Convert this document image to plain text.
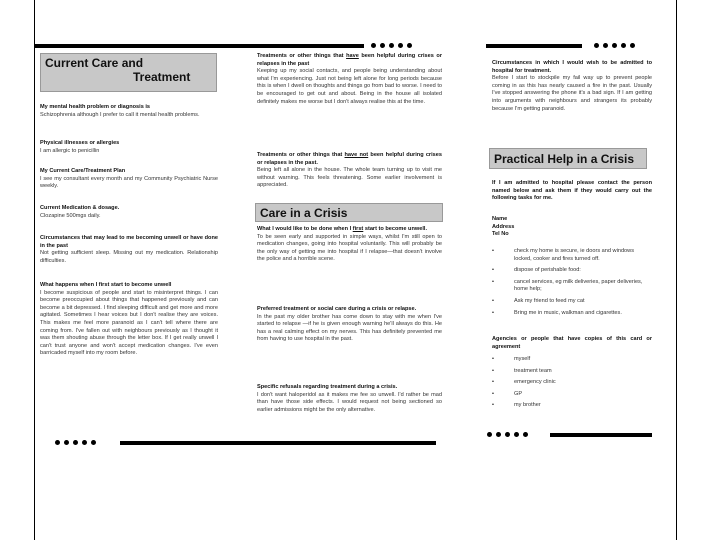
Current Care and
Treatment
My mental health problem or diagnosis is
Schizophrenia although I prefer to call it mental health problems.
Physical illnesses or allergies
I am allergic to penicillin
My Current Care/Treatment Plan
I see my consultant every month and my Community Psychiatric Nurse weekly.
Current Medication & dosage.
Clozapine 500mgs daily.
Circumstances that may lead to me becoming unwell or have done in the past
Not getting sufficient sleep. Missing out my medication. Relationship difficulties.
What happens when I first start to become unwell
I become suspicious of people and start to misinterpret things. I can become preoccupied about things that happened previously and can become a bit depressed. I find sleeping difficult and get more and more agitated. Sometimes I hear voices but I don't realise they are voices. This makes me feel more paranoid as I can't tell where there are coming from. I've fallen out with neighbours previously as I thought it was them shouting abuse through the letter box. If I get really unwell I can't trust anyone and won't accept medication changes. I've even barricaded myself into my room before.
Treatments or other things that have been helpful during crises or relapses in the past
Keeping up my social contacts, and people being understanding about what I'm experiencing. Just not being left alone for long periods because this is when I dwell on thoughts and things go from bad to worse. I need to be encouraged to get out and about. Being in the house all isolated definitely makes me worse but I don't always realise this at the time.
Treatments or other things that have not been helpful during crises or relapses in the past.
Being left all alone in the house. The whole team turning up to visit me without warning. This feels threatening. Some earlier involvement is appreciated.
Care in a Crisis
What I would like to be done when I first start to become unwell.
To be seen early and supported in simple ways, whilst I'm still open to medication changes, going into hospital voluntarily. This will probably be the only way of getting me into hospital if I relapse—that doesn't involve the police and a horrible scene.
Preferred treatment or social care during a crisis or relapse.
In the past my older brother has come down to stay with me when I've started to relapse —if he is given enough warning he'll always do this. He has a real calming effect on my nerves. This has definitely prevented me from having to use hospital in the past.
Specific refusals regarding treatment during a crisis.
I don't want haloperidol as it makes me fee so unwell. I'd rather be mad than have those side effects. I would request not being sectioned so earlier admissions might be the only alternative.
Circumstances in which I would wish to be admitted to hospital for treatment.
Before I start to stockpile my fail way up to prevent people coming in as this has nearly caused a fire in the past. Usually I've stopped answering the phone it's a bad sign. If I am getting into arguments with neighbours and strangers its probably because I'm getting paranoid.
Practical Help in a Crisis
If I am admitted to hospital please contact the person named below and ask them if they would carry out the following tasks for me.
Name
Address
Tel No
•	check my home is secure, ie doors and windows locked, cooker and fires turned off.
•	dispose of perishable food:
•	cancel services, eg milk deliveries, paper deliveries, home help;
•	Ask my friend to feed my cat
•	Bring me in music, walkman and cigarettes.
Agencies or people that have copies of this card or agreement
•	myself
•	treatment team
•	emergency clinic
•	GP
•	my brother
